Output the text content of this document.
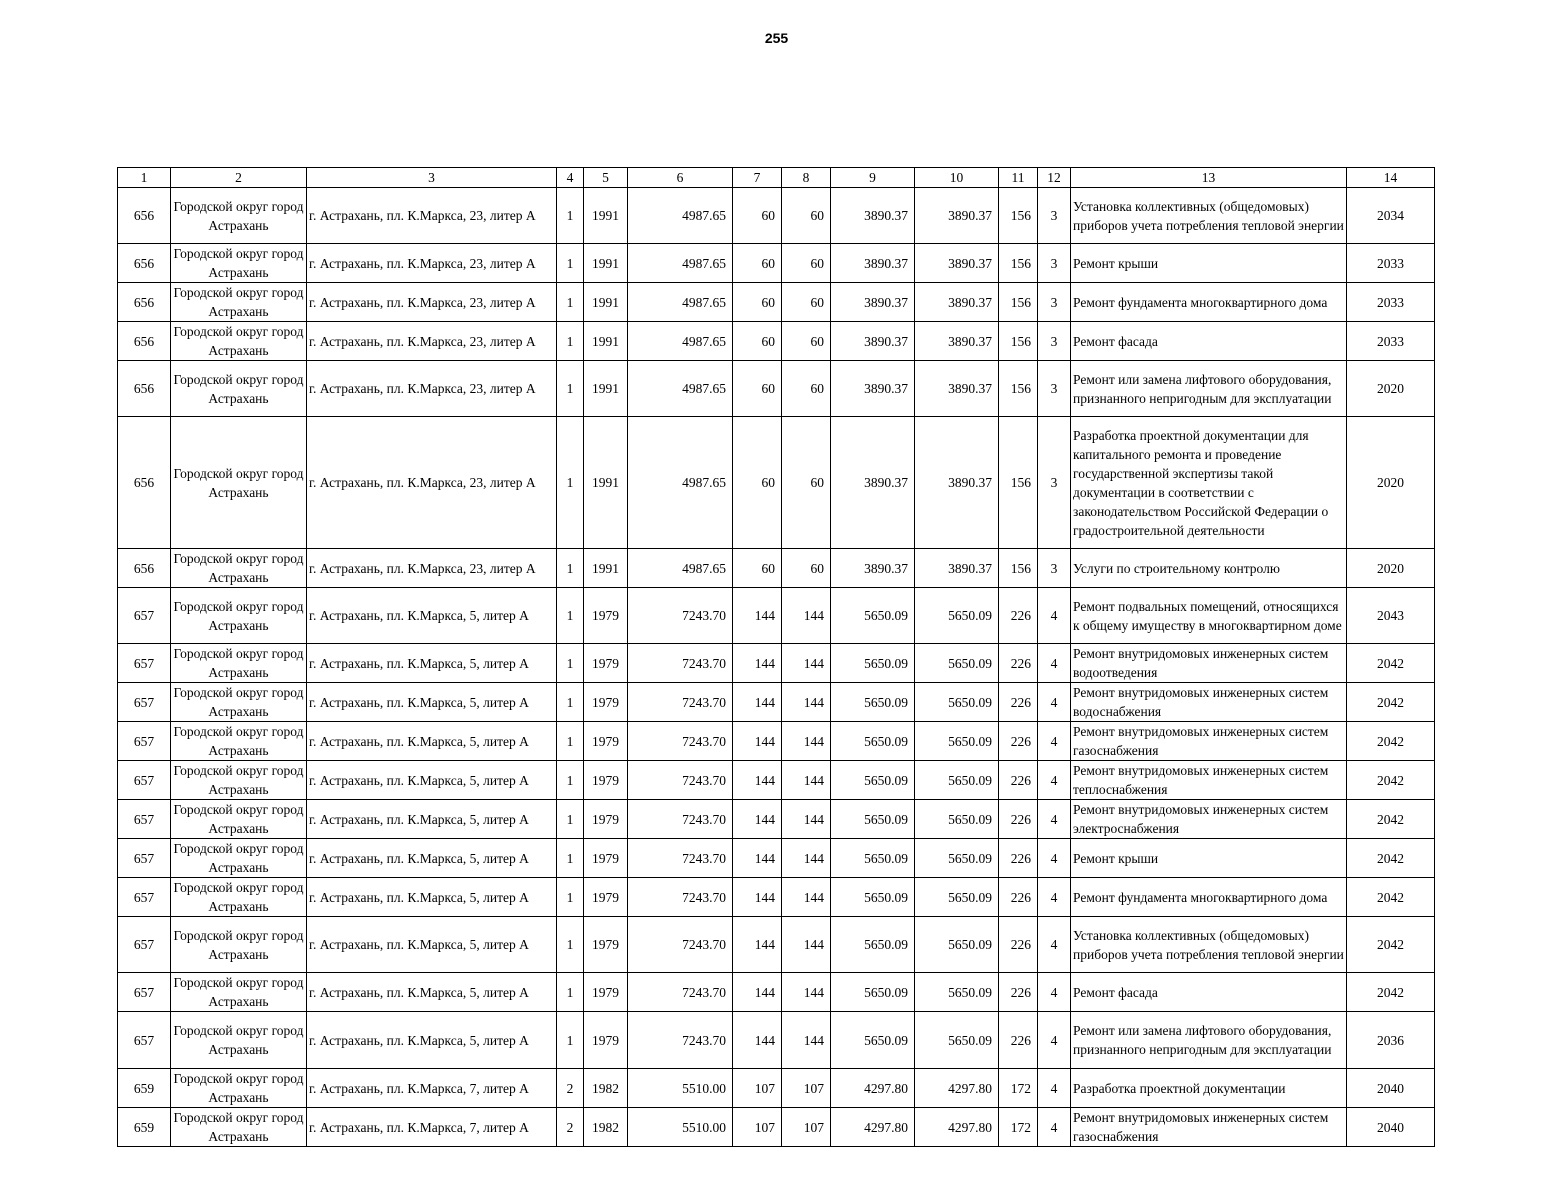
255
1	2	3	4	5	6	7	8	9	10	11	12	13	14
656	Городской округ город Астрахань	г. Астрахань, пл. К.Маркса, 23, литер А	1	1991	4987.65	60	60	3890.37	3890.37	156	3	Установка коллективных (общедомовых) приборов учета потребления тепловой энергии	2034
656	Городской округ город Астрахань	г. Астрахань, пл. К.Маркса, 23, литер А	1	1991	4987.65	60	60	3890.37	3890.37	156	3	Ремонт крыши	2033
656	Городской округ город Астрахань	г. Астрахань, пл. К.Маркса, 23, литер А	1	1991	4987.65	60	60	3890.37	3890.37	156	3	Ремонт фундамента многоквартирного дома	2033
656	Городской округ город Астрахань	г. Астрахань, пл. К.Маркса, 23, литер А	1	1991	4987.65	60	60	3890.37	3890.37	156	3	Ремонт фасада	2033
656	Городской округ город Астрахань	г. Астрахань, пл. К.Маркса, 23, литер А	1	1991	4987.65	60	60	3890.37	3890.37	156	3	Ремонт или замена лифтового оборудования, признанного непригодным для эксплуатации	2020
656	Городской округ город Астрахань	г. Астрахань, пл. К.Маркса, 23, литер А	1	1991	4987.65	60	60	3890.37	3890.37	156	3	Разработка проектной документации для капитального ремонта и проведение государственной экспертизы такой документации в соответствии с законодательством Российской Федерации о градостроительной деятельности	2020
656	Городской округ город Астрахань	г. Астрахань, пл. К.Маркса, 23, литер А	1	1991	4987.65	60	60	3890.37	3890.37	156	3	Услуги по строительному контролю	2020
657	Городской округ город Астрахань	г. Астрахань, пл. К.Маркса, 5, литер А	1	1979	7243.70	144	144	5650.09	5650.09	226	4	Ремонт подвальных помещений, относящихся к общему имуществу в многоквартирном доме	2043
657	Городской округ город Астрахань	г. Астрахань, пл. К.Маркса, 5, литер А	1	1979	7243.70	144	144	5650.09	5650.09	226	4	Ремонт внутридомовых инженерных систем водоотведения	2042
657	Городской округ город Астрахань	г. Астрахань, пл. К.Маркса, 5, литер А	1	1979	7243.70	144	144	5650.09	5650.09	226	4	Ремонт внутридомовых инженерных систем водоснабжения	2042
657	Городской округ город Астрахань	г. Астрахань, пл. К.Маркса, 5, литер А	1	1979	7243.70	144	144	5650.09	5650.09	226	4	Ремонт внутридомовых инженерных систем газоснабжения	2042
657	Городской округ город Астрахань	г. Астрахань, пл. К.Маркса, 5, литер А	1	1979	7243.70	144	144	5650.09	5650.09	226	4	Ремонт внутридомовых инженерных систем теплоснабжения	2042
657	Городской округ город Астрахань	г. Астрахань, пл. К.Маркса, 5, литер А	1	1979	7243.70	144	144	5650.09	5650.09	226	4	Ремонт внутридомовых инженерных систем электроснабжения	2042
657	Городской округ город Астрахань	г. Астрахань, пл. К.Маркса, 5, литер А	1	1979	7243.70	144	144	5650.09	5650.09	226	4	Ремонт крыши	2042
657	Городской округ город Астрахань	г. Астрахань, пл. К.Маркса, 5, литер А	1	1979	7243.70	144	144	5650.09	5650.09	226	4	Ремонт фундамента многоквартирного дома	2042
657	Городской округ город Астрахань	г. Астрахань, пл. К.Маркса, 5, литер А	1	1979	7243.70	144	144	5650.09	5650.09	226	4	Установка коллективных (общедомовых) приборов учета потребления тепловой энергии	2042
657	Городской округ город Астрахань	г. Астрахань, пл. К.Маркса, 5, литер А	1	1979	7243.70	144	144	5650.09	5650.09	226	4	Ремонт фасада	2042
657	Городской округ город Астрахань	г. Астрахань, пл. К.Маркса, 5, литер А	1	1979	7243.70	144	144	5650.09	5650.09	226	4	Ремонт или замена лифтового оборудования, признанного непригодным для эксплуатации	2036
659	Городской округ город Астрахань	г. Астрахань, пл. К.Маркса, 7, литер А	2	1982	5510.00	107	107	4297.80	4297.80	172	4	Разработка проектной документации	2040
659	Городской округ город Астрахань	г. Астрахань, пл. К.Маркса, 7, литер А	2	1982	5510.00	107	107	4297.80	4297.80	172	4	Ремонт внутридомовых инженерных систем газоснабжения	2040
